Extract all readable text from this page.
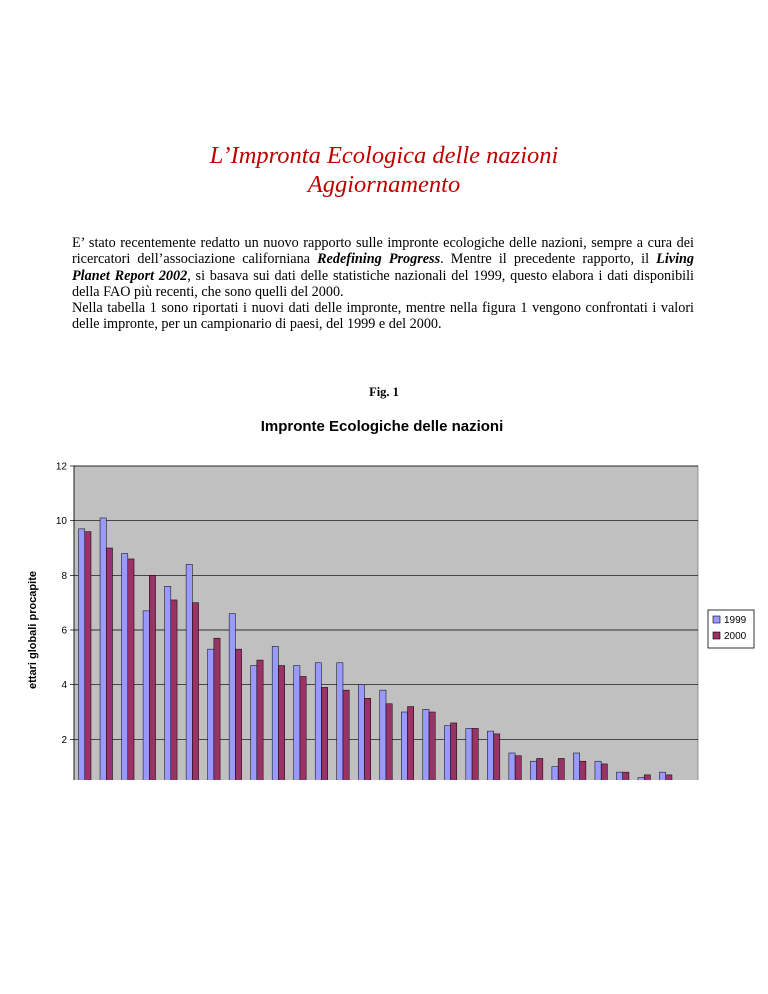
L’Impronta Ecologica delle nazioni
Aggiornamento

E’ stato recentemente redatto un nuovo rapporto sulle impronte ecologiche delle nazioni, sempre a cura dei ricercatori dell’associazione californiana Redefining Progress. Mentre il precedente rapporto, il Living Planet Report 2002, si basava sui dati delle statistiche nazionali del 1999, questo elabora i dati disponibili della FAO più recenti, che sono quelli del 2000.

Nella tabella 1 sono riportati i nuovi dati delle impronte, mentre nella figura 1 vengono confrontati i valori delle impronte, per un campionario di paesi, del 1999 e del 2000.

Fig. 1
Impronte Ecologiche delle nazioni
2
4
6
8
10
12
ettari globali procapite	1999
2000
